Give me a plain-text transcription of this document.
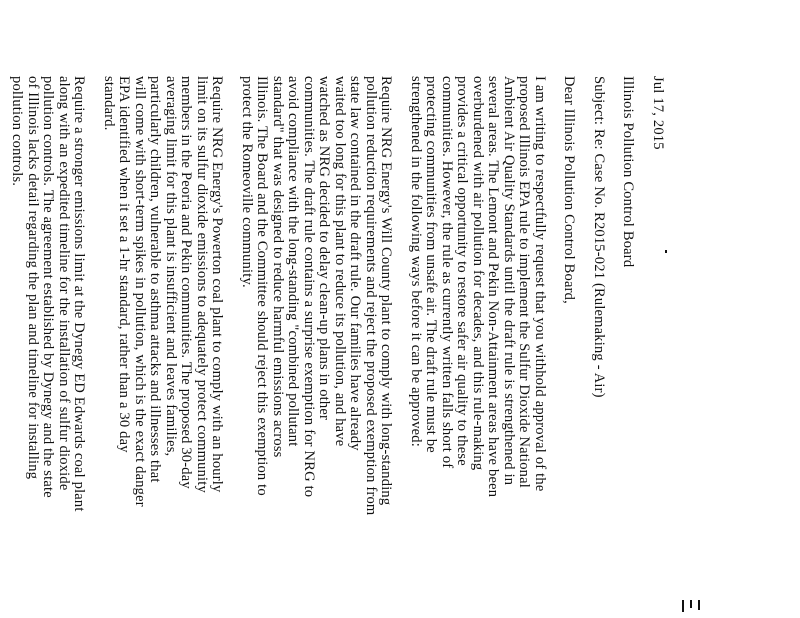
Jul 17, 2015
Illinois Pollution Control Board
Subject: Re: Case No. R2015-021 (Rulemaking - Air)
Dear Illinois Pollution Control Board,
I am writing to respectfully request that you withhold approval of the
proposed Illinois EPA rule to implement the Sulfur Dioxide National
Ambient Air Quality Standards until the draft rule is strengthened in
several areas. The Lemont and Pekin Non-Attainment areas have been
overburdened with air pollution for decades, and this rule-making
provides a critical opportunity to restore safer air quality to these
communities. However, the rule as currently written falls short of
protecting communities from unsafe air. The draft rule must be
strengthened in the following ways before it can be approved:
Require NRG Energy's Will County plant to comply with long-standing
pollution reduction requirements and reject the proposed exemption from
state law contained in the draft rule. Our families have already
waited too long for this plant to reduce its pollution, and have
watched as NRG decided to delay clean-up plans in other
communities. The draft rule contains a surprise exemption for NRG to
avoid compliance with the long-standing "combined pollutant
standard" that was designed to reduce harmful emissions across
Illinois. The Board and the Committee should reject this exemption to
protect the Romeoville community.
Require NRG Energy's Powerton coal plant to comply with an hourly
limit on its sulfur dioxide emissions to adequately protect community
members in the Peoria and Pekin communities. The proposed 30-day
averaging limit for this plant is insufficient and leaves families,
particularly children, vulnerable to asthma attacks and illnesses that
will come with short-term spikes in pollution, which is the exact danger
EPA identified when it set a 1-hr standard, rather than a 30 day
standard.
Require a stronger emissions limit at the Dynegy ED Edwards coal plant
along with an expedited timeline for the installation of sulfur dioxide
pollution controls. The agreement established by Dynegy and the state
of Illinois lacks detail regarding the plan and timeline for installing
pollution controls.
